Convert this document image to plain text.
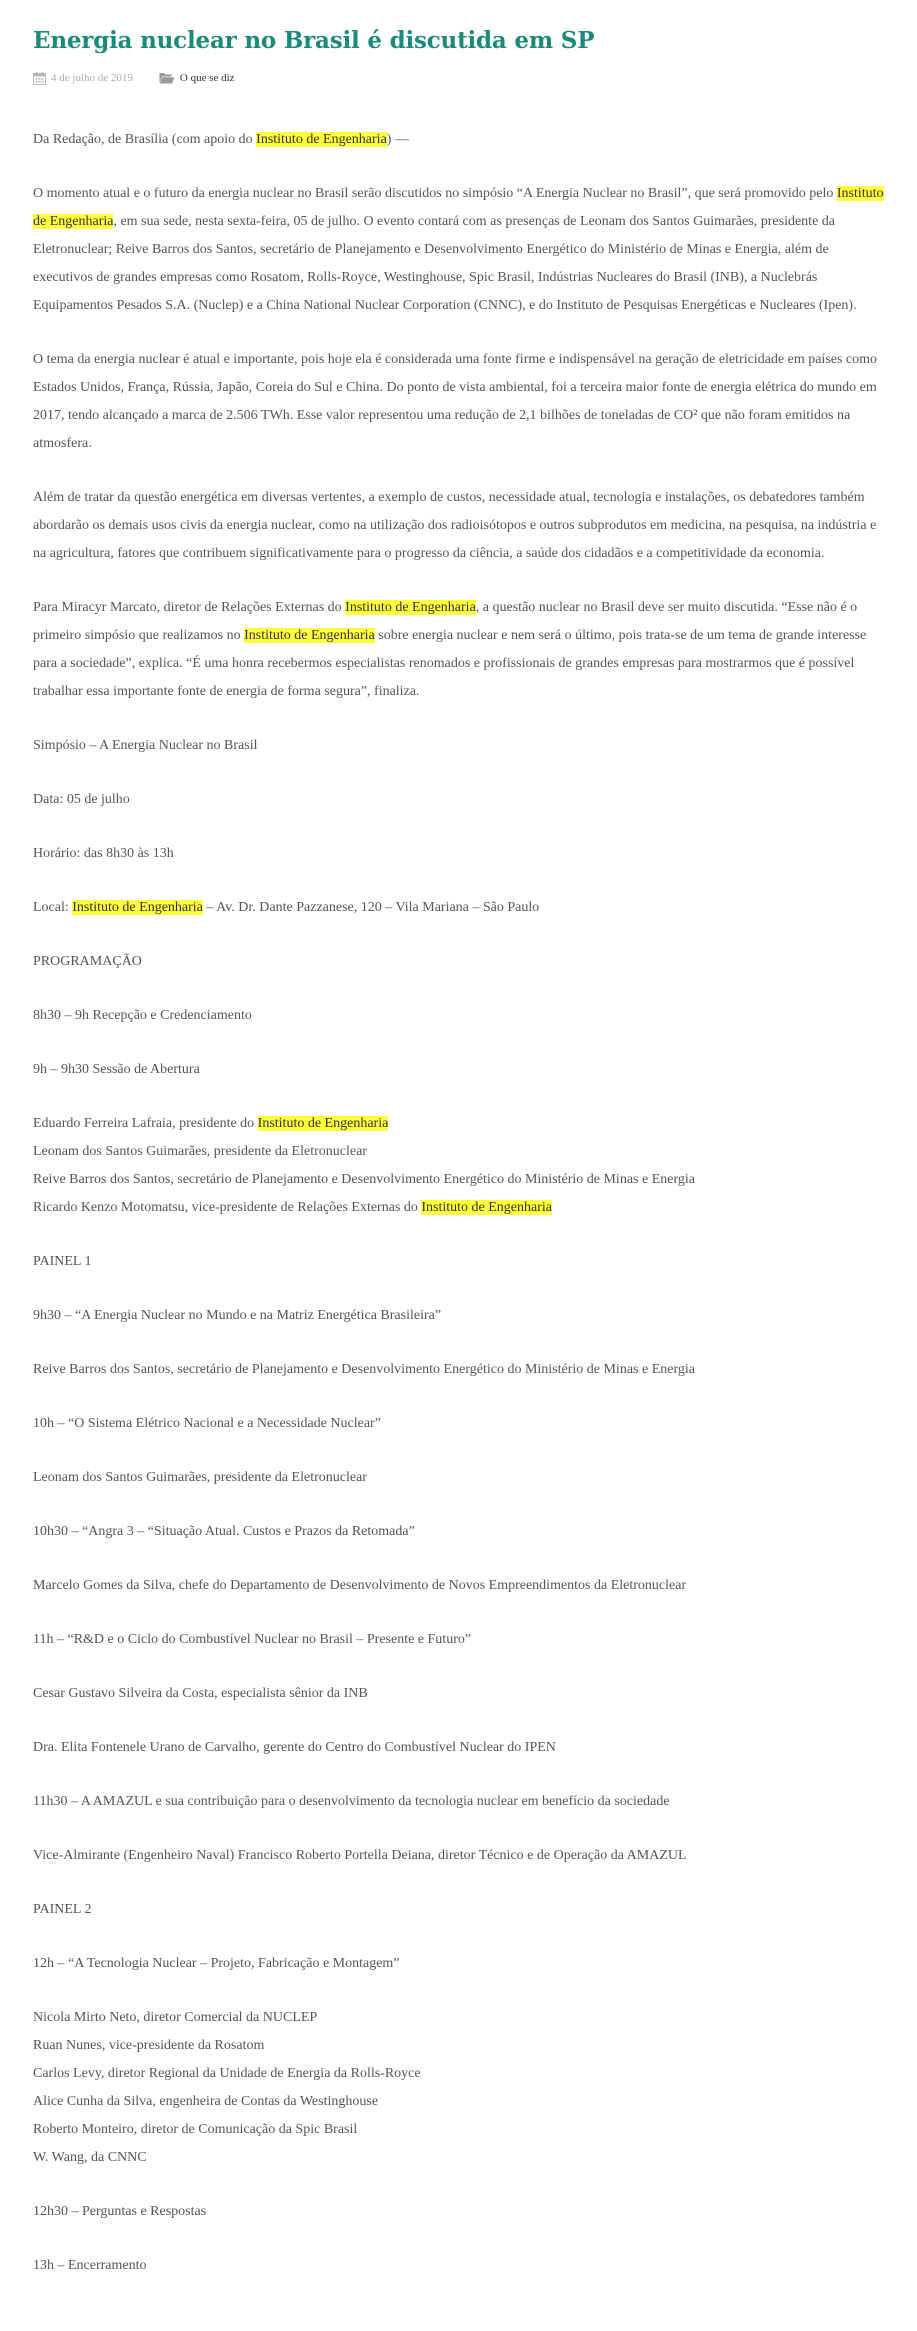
Energia nuclear no Brasil é discutida em SP
4 de julho de 2019	O que se diz

Da Redação, de Brasília (com apoio do Instituto de Engenharia) —

O momento atual e o futuro da energia nuclear no Brasil serão discutidos no simpósio “A Energia Nuclear no Brasil”, que será promovido pelo Instituto de Engenharia, em sua sede, nesta sexta-feira, 05 de julho. O evento contará com as presenças de Leonam dos Santos Guimarães, presidente da Eletronuclear; Reive Barros dos Santos, secretário de Planejamento e Desenvolvimento Energético do Ministério de Minas e Energia, além de executivos de grandes empresas como Rosatom, Rolls-Royce, Westinghouse, Spic Brasil, Indústrias Nucleares do Brasil (INB), a Nuclebrás Equipamentos Pesados S.A. (Nuclep) e a China National Nuclear Corporation (CNNC), e do Instituto de Pesquisas Energéticas e Nucleares (Ipen).

O tema da energia nuclear é atual e importante, pois hoje ela é considerada uma fonte firme e indispensável na geração de eletricidade em países como Estados Unidos, França, Rússia, Japão, Coreia do Sul e China. Do ponto de vista ambiental, foi a terceira maior fonte de energia elétrica do mundo em 2017, tendo alcançado a marca de 2.506 TWh. Esse valor representou uma redução de 2,1 bilhões de toneladas de CO² que não foram emitidos na atmosfera.

Além de tratar da questão energética em diversas vertentes, a exemplo de custos, necessidade atual, tecnologia e instalações, os debatedores também abordarão os demais usos civis da energia nuclear, como na utilização dos radioisótopos e outros subprodutos em medicina, na pesquisa, na indústria e na agricultura, fatores que contribuem significativamente para o progresso da ciência, a saúde dos cidadãos e a competitividade da economia.

Para Miracyr Marcato, diretor de Relações Externas do Instituto de Engenharia, a questão nuclear no Brasil deve ser muito discutida. “Esse não é o primeiro simpósio que realizamos no Instituto de Engenharia sobre energia nuclear e nem será o último, pois trata-se de um tema de grande interesse para a sociedade”, explica. “É uma honra recebermos especialistas renomados e profissionais de grandes empresas para mostrarmos que é possível trabalhar essa importante fonte de energia de forma segura”, finaliza.

Simpósio – A Energia Nuclear no Brasil

Data: 05 de julho

Horário: das 8h30 às 13h

Local: Instituto de Engenharia – Av. Dr. Dante Pazzanese, 120 – Vila Mariana – São Paulo

PROGRAMAÇÃO

8h30 – 9h Recepção e Credenciamento

9h – 9h30 Sessão de Abertura

Eduardo Ferreira Lafraia, presidente do Instituto de Engenharia
Leonam dos Santos Guimarães, presidente da Eletronuclear
Reive Barros dos Santos, secretário de Planejamento e Desenvolvimento Energético do Ministério de Minas e Energia
Ricardo Kenzo Motomatsu, vice-presidente de Relações Externas do Instituto de Engenharia

PAINEL 1

9h30 – “A Energia Nuclear no Mundo e na Matriz Energética Brasileira”

Reive Barros dos Santos, secretário de Planejamento e Desenvolvimento Energético do Ministério de Minas e Energia

10h – “O Sistema Elétrico Nacional e a Necessidade Nuclear”

Leonam dos Santos Guimarães, presidente da Eletronuclear

10h30 – “Angra 3 – “Situação Atual. Custos e Prazos da Retomada”

Marcelo Gomes da Silva, chefe do Departamento de Desenvolvimento de Novos Empreendimentos da Eletronuclear

11h – “R&D e o Ciclo do Combustível Nuclear no Brasil – Presente e Futuro”

Cesar Gustavo Silveira da Costa, especialista sênior da INB

Dra. Elita Fontenele Urano de Carvalho, gerente do Centro do Combustível Nuclear do IPEN

11h30 – A AMAZUL e sua contribuição para o desenvolvimento da tecnologia nuclear em benefício da sociedade

Vice-Almirante (Engenheiro Naval) Francisco Roberto Portella Deiana, diretor Técnico e de Operação da AMAZUL

PAINEL 2

12h – “A Tecnologia Nuclear – Projeto, Fabricação e Montagem”

Nicola Mirto Neto, diretor Comercial da NUCLEP
Ruan Nunes, vice-presidente da Rosatom
Carlos Levy, diretor Regional da Unidade de Energia da Rolls-Royce
Alice Cunha da Silva, engenheira de Contas da Westinghouse
Roberto Monteiro, diretor de Comunicação da Spic Brasil
W. Wang, da CNNC

12h30 – Perguntas e Respostas

13h – Encerramento
